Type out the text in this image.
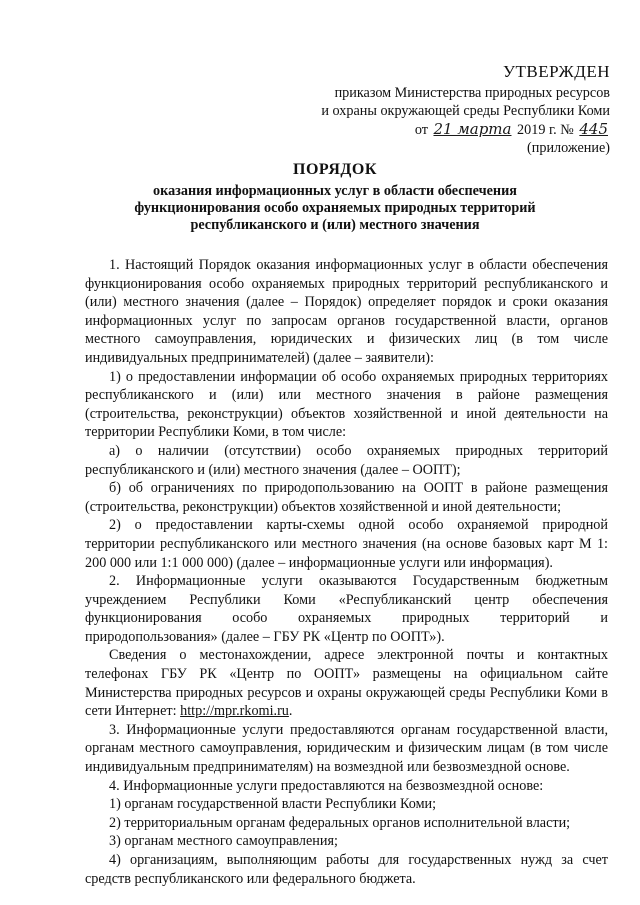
УТВЕРЖДЕН
приказом Министерства природных ресурсов
и охраны окружающей среды Республики Коми
от 21 марта 2019 г. № 445
(приложение)
ПОРЯДОК
оказания информационных услуг в области обеспечения
функционирования особо охраняемых природных территорий
республиканского и (или) местного значения

1. Настоящий Порядок оказания информационных услуг в области обеспечения функционирования особо охраняемых природных территорий республиканского и (или) местного значения (далее – Порядок) определяет порядок и сроки оказания информационных услуг по запросам органов государственной власти, органов местного самоуправления, юридических и физических лиц (в том числе индивидуальных предпринимателей) (далее – заявители):

1) о предоставлении информации об особо охраняемых природных территориях республиканского и (или) или местного значения в районе размещения (строительства, реконструкции) объектов хозяйственной и иной деятельности на территории Республики Коми, в том числе:

а) о наличии (отсутствии) особо охраняемых природных территорий республиканского и (или) местного значения (далее – ООПТ);

б) об ограничениях по природопользованию на ООПТ в районе размещения (строительства, реконструкции) объектов хозяйственной и иной деятельности;

2) о предоставлении карты-схемы одной особо охраняемой природной территории республиканского или местного значения (на основе базовых карт М 1: 200 000 или 1:1 000 000) (далее – информационные услуги или информация).

2. Информационные услуги оказываются Государственным бюджетным учреждением Республики Коми «Республиканский центр обеспечения функционирования особо охраняемых природных территорий и природопользования» (далее – ГБУ РК «Центр по ООПТ»).

Сведения о местонахождении, адресе электронной почты и контактных телефонах ГБУ РК «Центр по ООПТ» размещены на официальном сайте Министерства природных ресурсов и охраны окружающей среды Республики Коми в сети Интернет: http://mpr.rkomi.ru.

3. Информационные услуги предоставляются органам государственной власти, органам местного самоуправления, юридическим и физическим лицам (в том числе индивидуальным предпринимателям) на возмездной или безвозмездной основе.

4. Информационные услуги предоставляются на безвозмездной основе:

1) органам государственной власти Республики Коми;

2) территориальным органам федеральных органов исполнительной власти;

3) органам местного самоуправления;

4) организациям, выполняющим работы для государственных нужд за счет средств республиканского или федерального бюджета.
